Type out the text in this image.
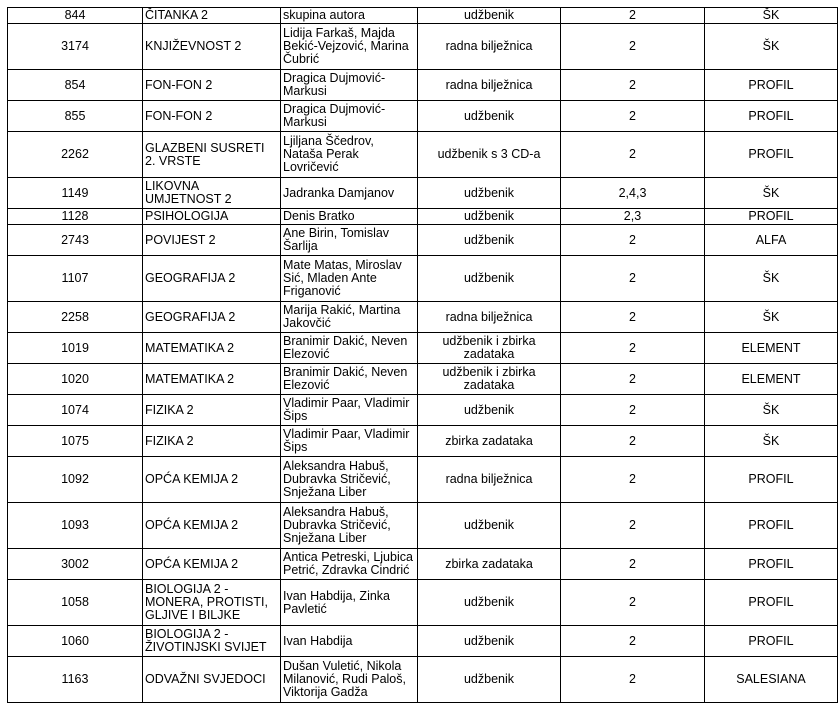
844	ČITANKA 2	skupina autora	udžbenik	2	ŠK
3174	KNJIŽEVNOST 2	Lidija Farkaš, Majda Bekić-Vejzović, Marina Čubrić	radna bilježnica	2	ŠK
854	FON-FON 2	Dragica Dujmović-Markusi	radna bilježnica	2	PROFIL
855	FON-FON 2	Dragica Dujmović-Markusi	udžbenik	2	PROFIL
2262	GLAZBENI SUSRETI 2. VRSTE	Ljiljana Ščedrov, Nataša Perak Lovričević	udžbenik s 3 CD-a	2	PROFIL
1149	LIKOVNA UMJETNOST 2	Jadranka Damjanov	udžbenik	2,4,3	ŠK
1128	PSIHOLOGIJA	Denis Bratko	udžbenik	2,3	PROFIL
2743	POVIJEST 2	Ane Birin, Tomislav Šarlija	udžbenik	2	ALFA
1107	GEOGRAFIJA 2	Mate Matas, Miroslav Sić, Mladen Ante Friganović	udžbenik	2	ŠK
2258	GEOGRAFIJA 2	Marija Rakić, Martina Jakovčić	radna bilježnica	2	ŠK
1019	MATEMATIKA 2	Branimir Dakić, Neven Elezović	udžbenik i zbirka zadataka	2	ELEMENT
1020	MATEMATIKA 2	Branimir Dakić, Neven Elezović	udžbenik i zbirka zadataka	2	ELEMENT
1074	FIZIKA 2	Vladimir Paar, Vladimir Šips	udžbenik	2	ŠK
1075	FIZIKA 2	Vladimir Paar, Vladimir Šips	zbirka zadataka	2	ŠK
1092	OPĆA KEMIJA 2	Aleksandra Habuš, Dubravka Stričević, Snježana Liber	radna bilježnica	2	PROFIL
1093	OPĆA KEMIJA 2	Aleksandra Habuš, Dubravka Stričević, Snježana Liber	udžbenik	2	PROFIL
3002	OPĆA KEMIJA 2	Antica Petreski, Ljubica Petrić, Zdravka Cindrić	zbirka zadataka	2	PROFIL
1058	BIOLOGIJA 2 - MONERA, PROTISTI, GLJIVE I BILJKE	Ivan Habdija, Zinka Pavletić	udžbenik	2	PROFIL
1060	BIOLOGIJA 2 - ŽIVOTINJSKI SVIJET	Ivan Habdija	udžbenik	2	PROFIL
1163	ODVAŽNI SVJEDOCI	Dušan Vuletić, Nikola Milanović, Rudi Paloš, Viktorija Gadža	udžbenik	2	SALESIANA
